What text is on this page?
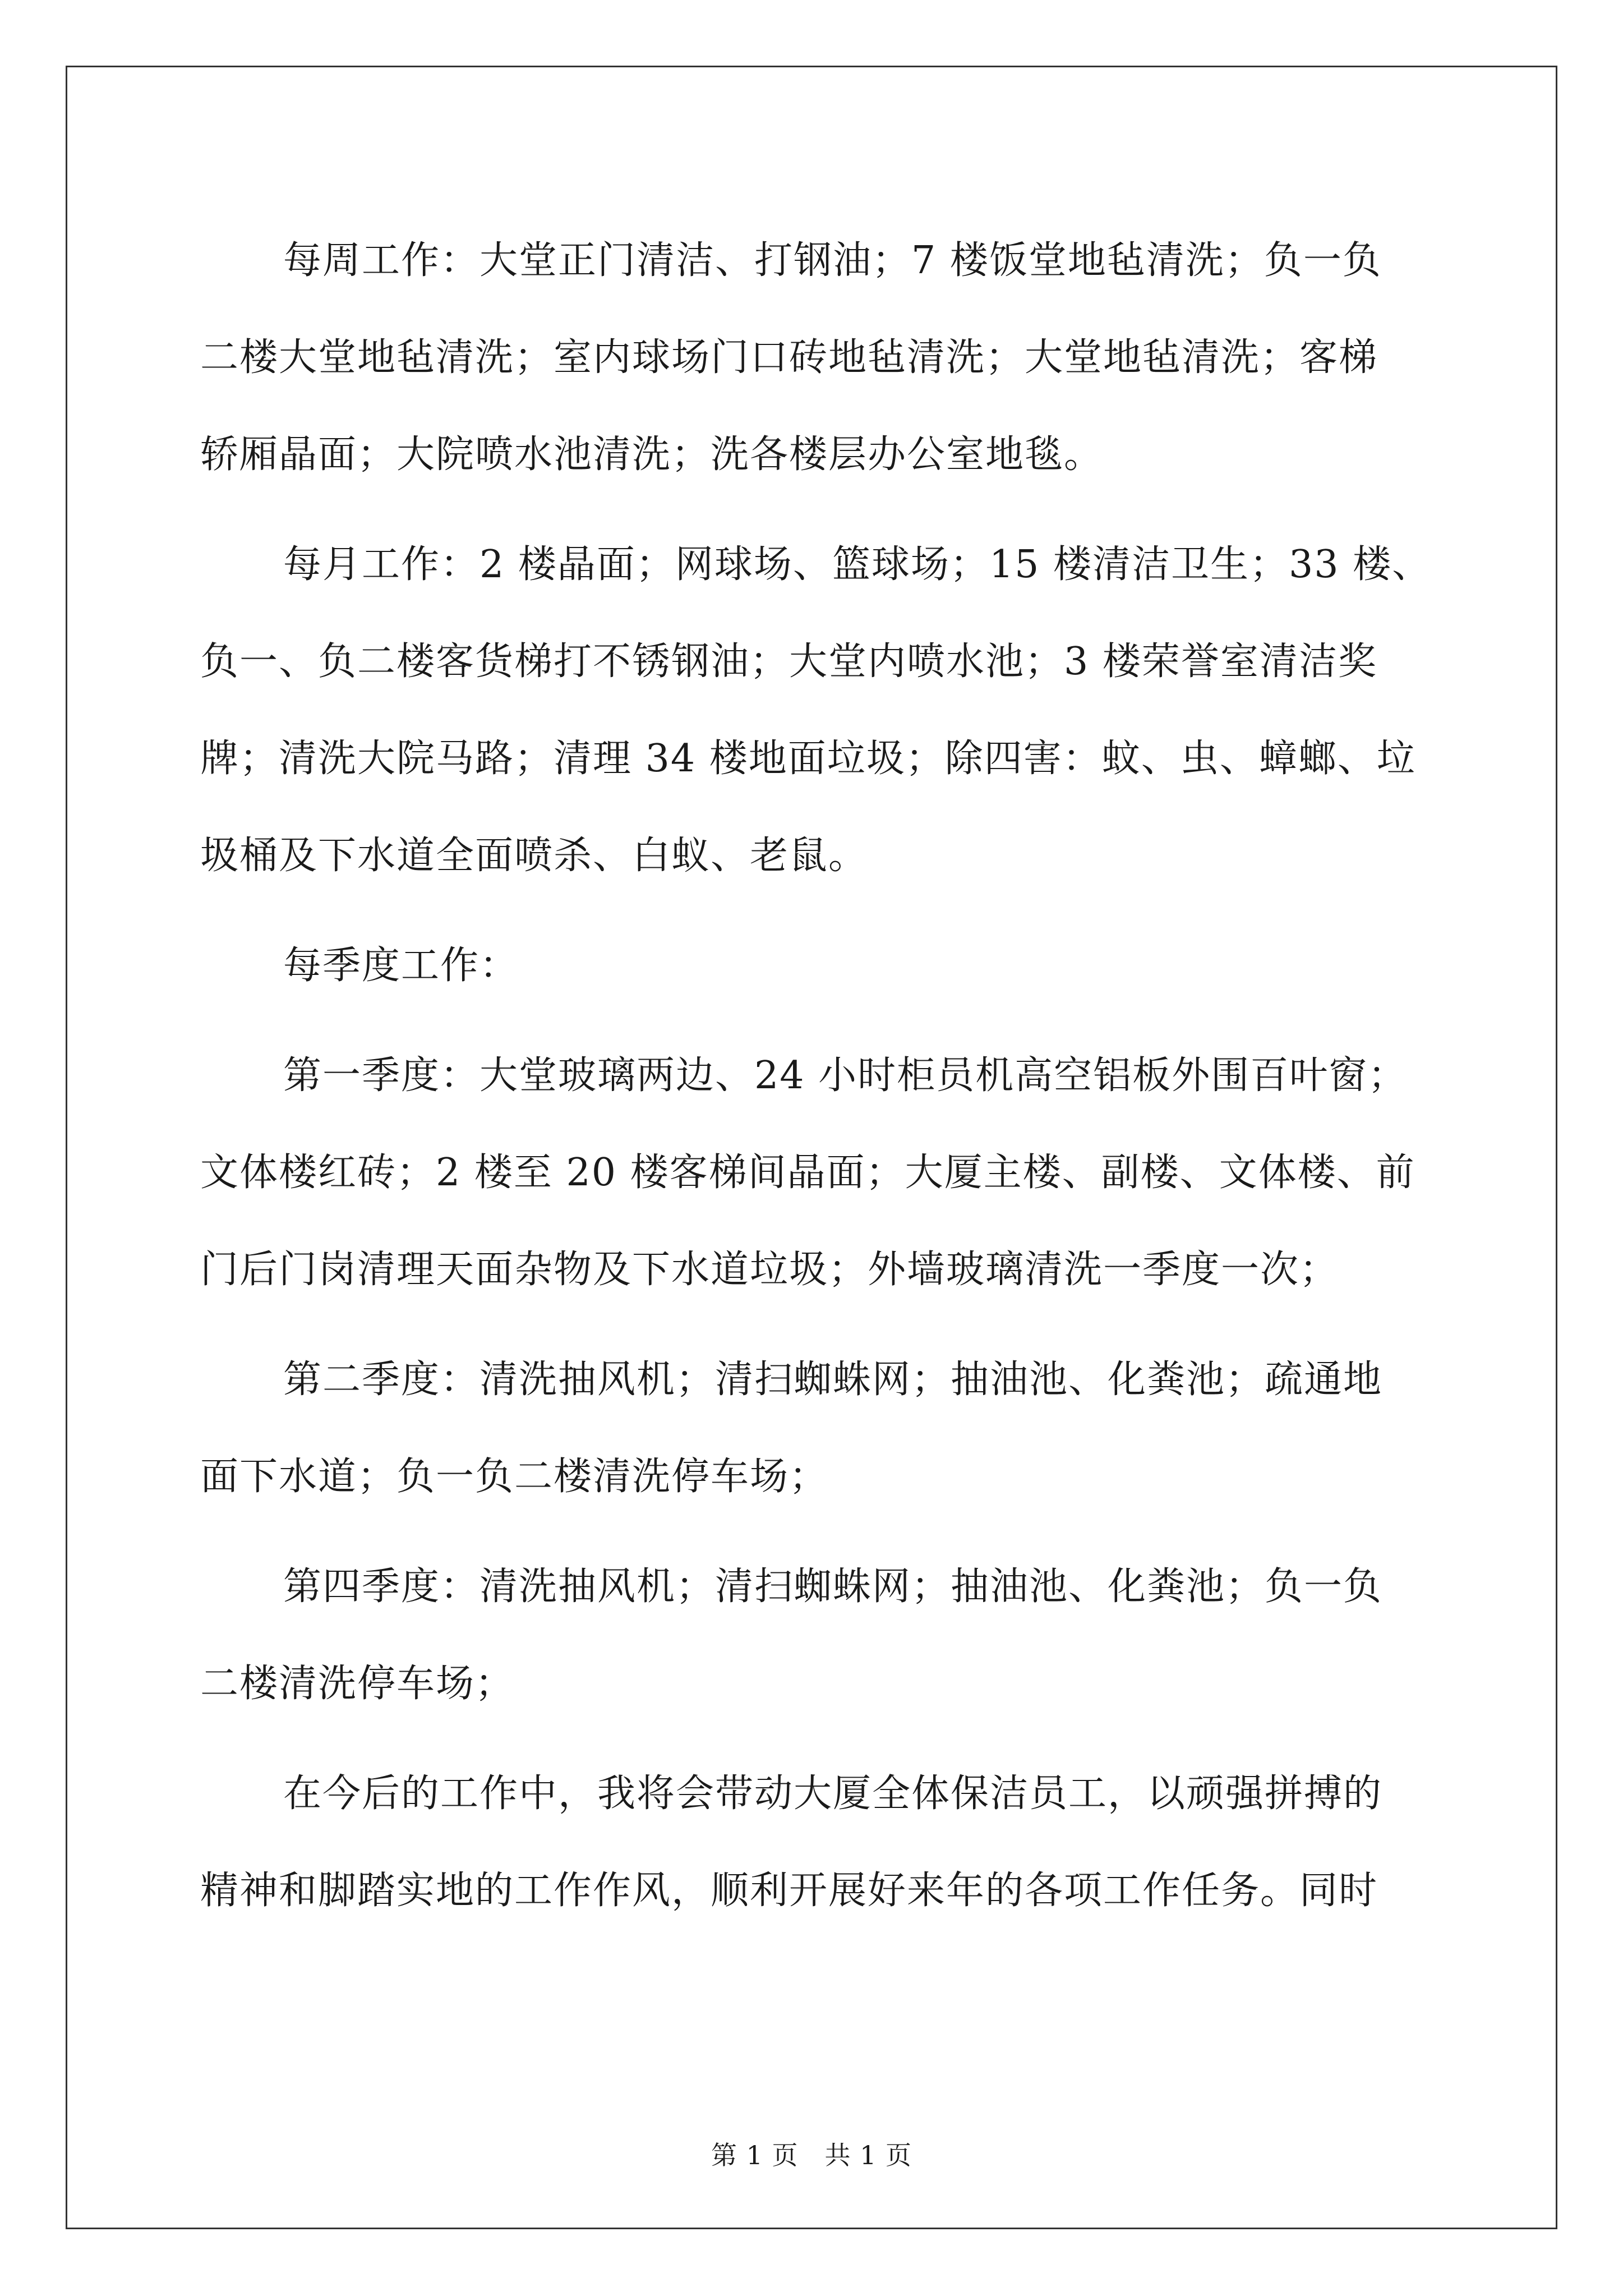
每周工作：大堂正门清洁、打钢油；7 楼饭堂地毡清洗；负一负
二楼大堂地毡清洗；室内球场门口砖地毡清洗；大堂地毡清洗；客梯
轿厢晶面；大院喷水池清洗；洗各楼层办公室地毯。
每月工作：2 楼晶面；网球场、篮球场；15 楼清洁卫生；33 楼、
负一、负二楼客货梯打不锈钢油；大堂内喷水池；3 楼荣誉室清洁奖
牌；清洗大院马路；清理 34 楼地面垃圾；除四害：蚊、虫、蟑螂、垃
圾桶及下水道全面喷杀、白蚁、老鼠。
每季度工作：
第一季度：大堂玻璃两边、24 小时柜员机高空铝板外围百叶窗；
文体楼红砖；2 楼至 20 楼客梯间晶面；大厦主楼、副楼、文体楼、前
门后门岗清理天面杂物及下水道垃圾；外墙玻璃清洗一季度一次；
第二季度：清洗抽风机；清扫蜘蛛网；抽油池、化粪池；疏通地
面下水道；负一负二楼清洗停车场；
第四季度：清洗抽风机；清扫蜘蛛网；抽油池、化粪池；负一负
二楼清洗停车场；
在今后的工作中，我将会带动大厦全体保洁员工，以顽强拼搏的
精神和脚踏实地的工作作风，顺利开展好来年的各项工作任务。同时
第 1 页　共 1 页
